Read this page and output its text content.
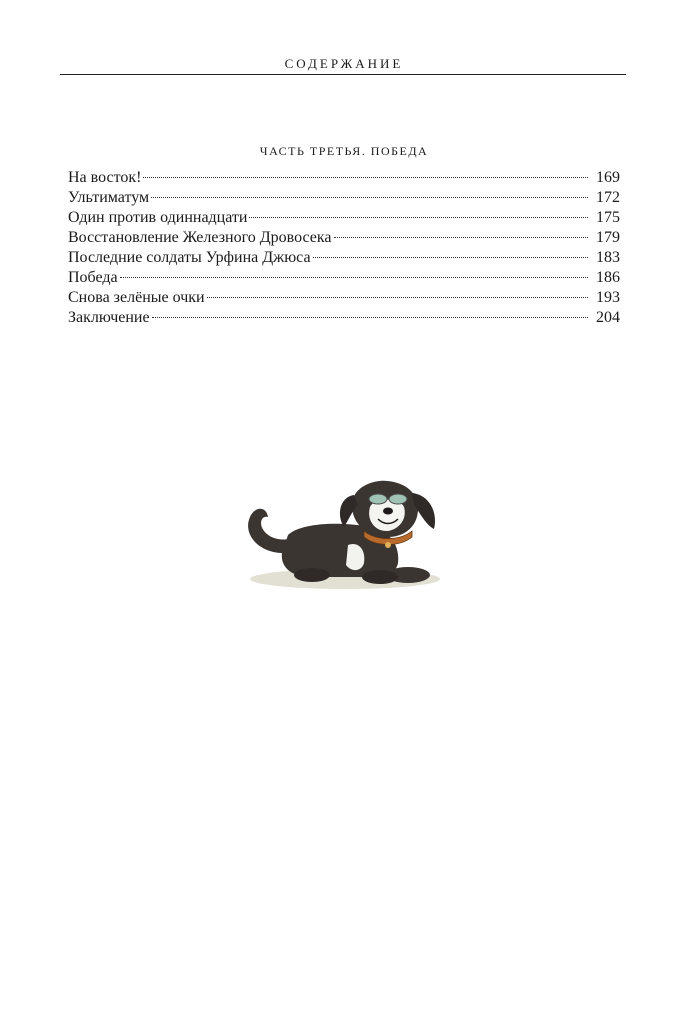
СОДЕРЖАНИЕ
ЧАСТЬ ТРЕТЬЯ. ПОБЕДА
На восток!	169
Ультиматум	172
Один против одиннадцати	175
Восстановление Железного Дровосека	179
Последние солдаты Урфина Джюса	183
Победа	186
Снова зелёные очки	193
Заключение	204
